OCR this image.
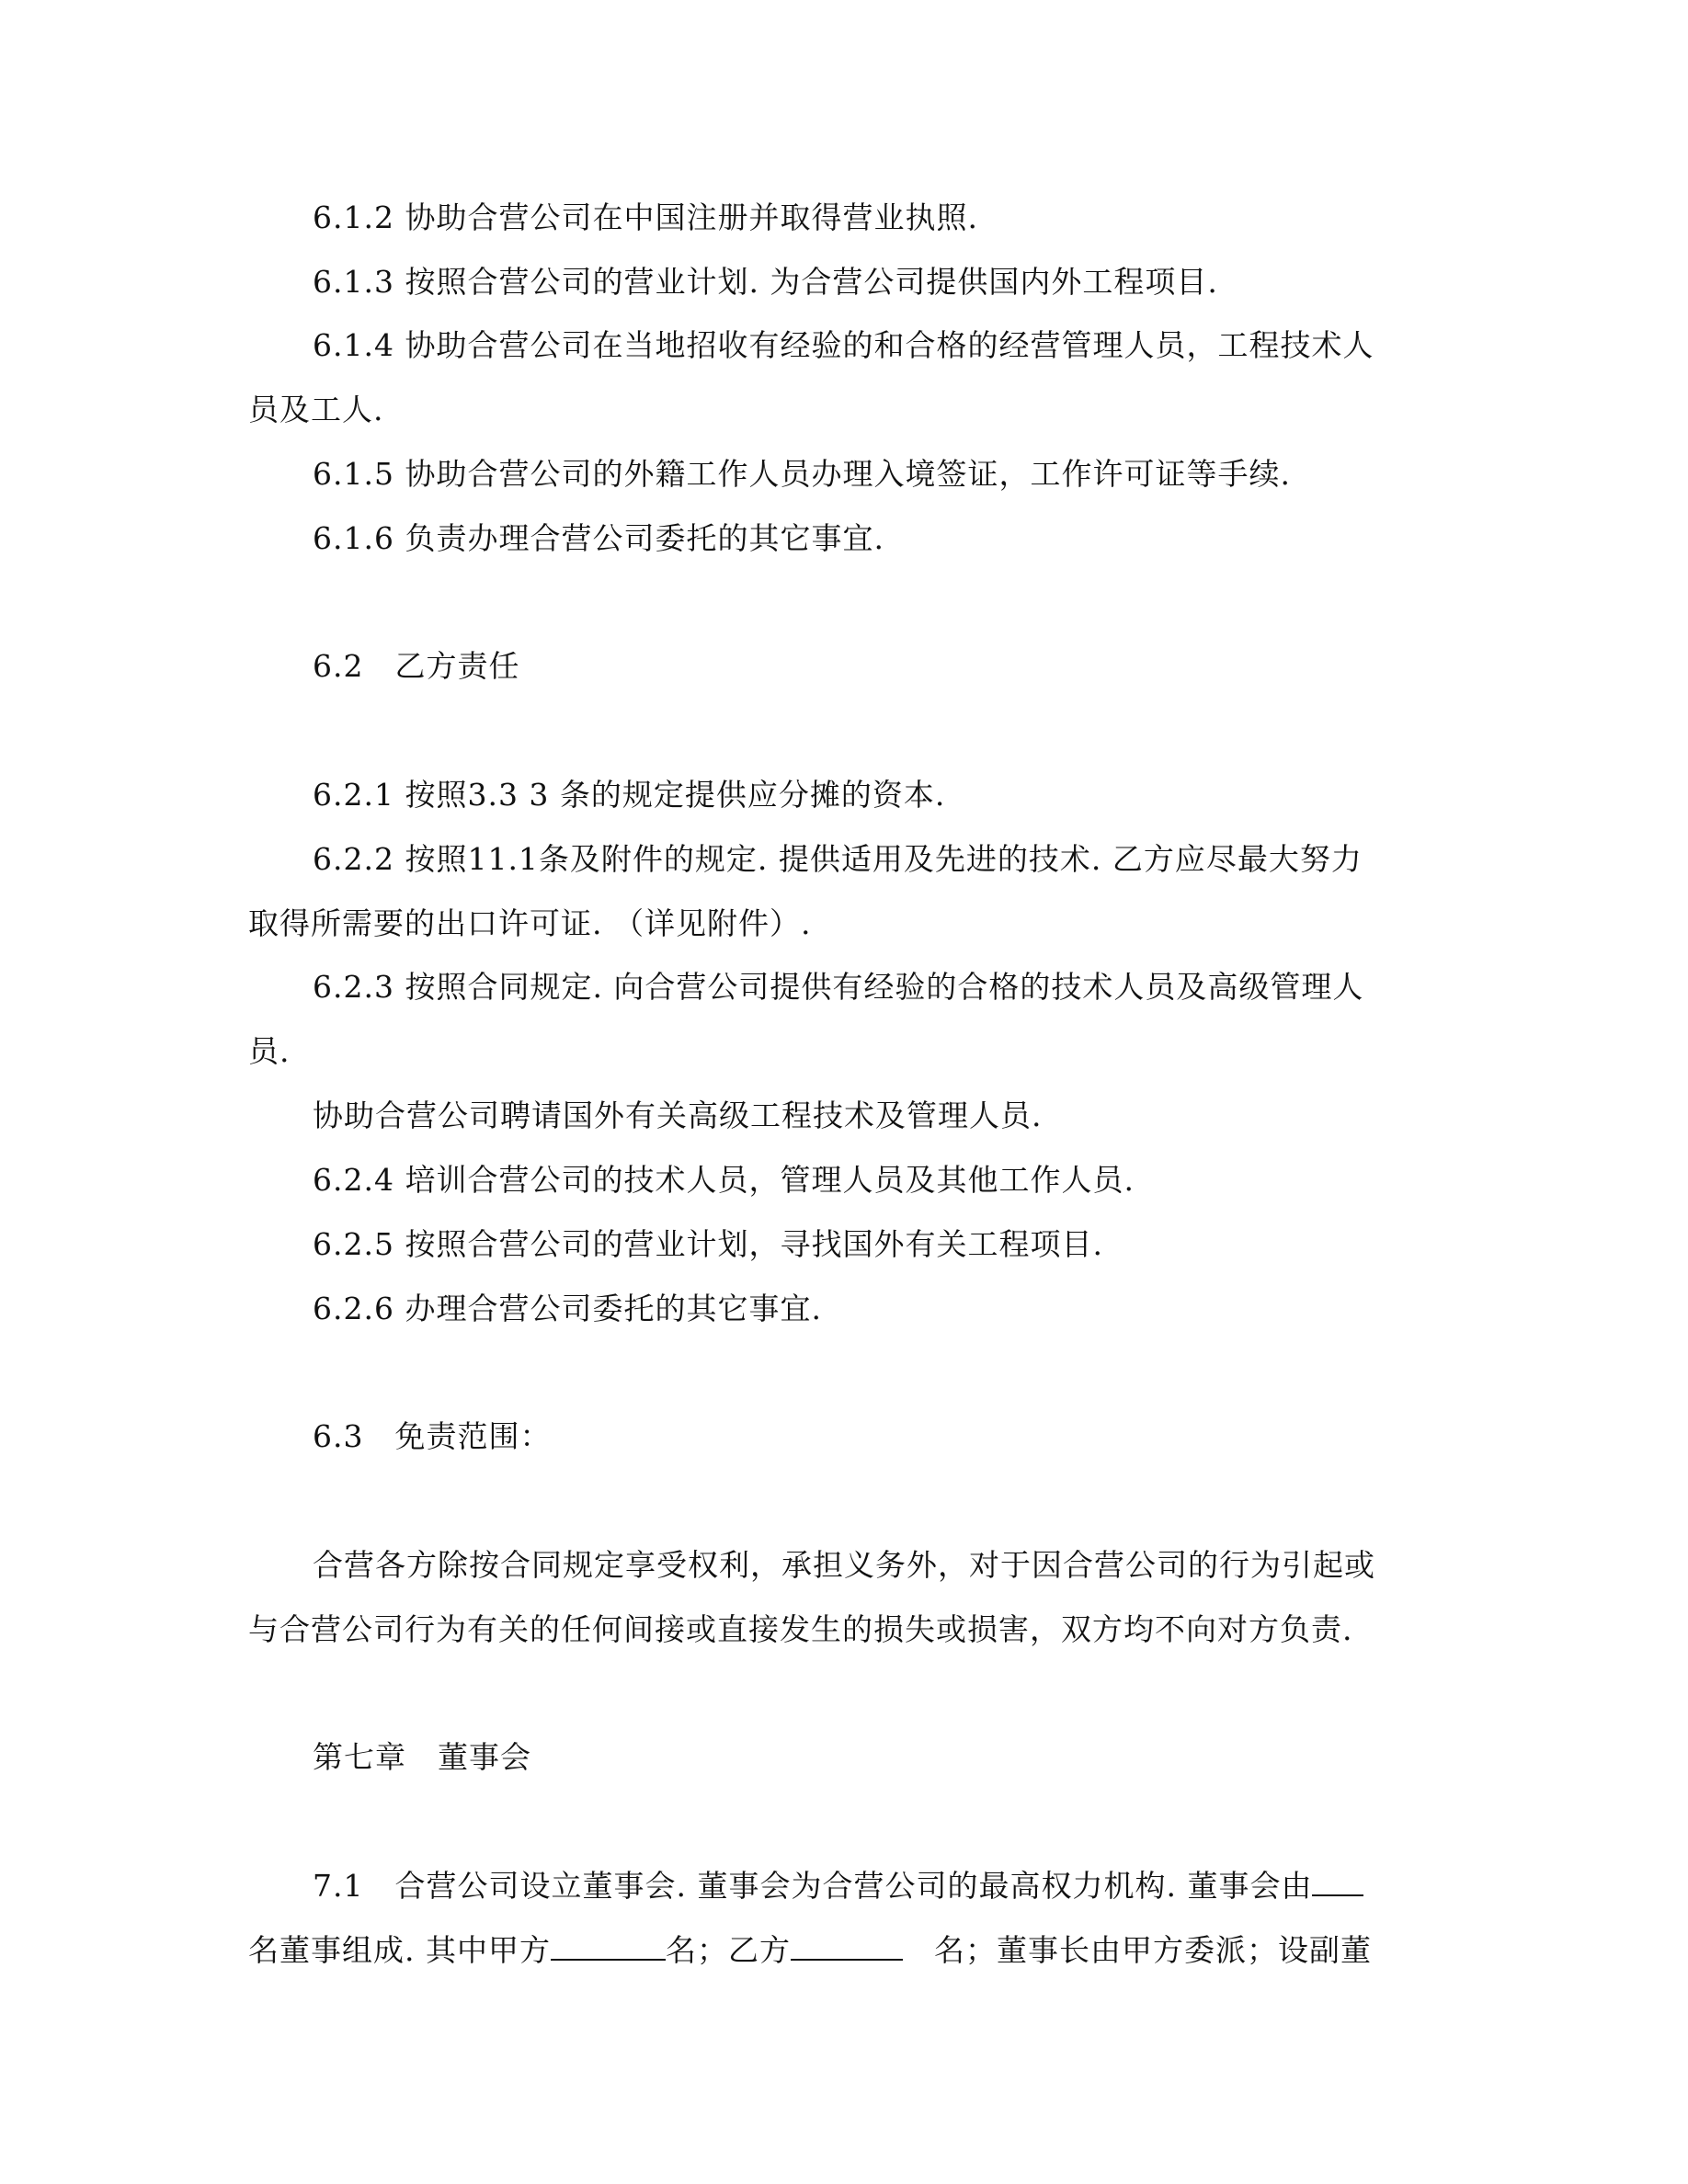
6.1.2 协助合营公司在中国注册并取得营业执照.
6.1.3 按照合营公司的营业计划. 为合营公司提供国内外工程项目.
6.1.4 协助合营公司在当地招收有经验的和合格的经营管理人员，工程技术人
员及工人.
6.1.5 协助合营公司的外籍工作人员办理入境签证，工作许可证等手续.
6.1.6 负责办理合营公司委托的其它事宜.
6.2　乙方责任
6.2.1 按照3.3 3 条的规定提供应分摊的资本.
6.2.2 按照11.1条及附件的规定. 提供适用及先进的技术. 乙方应尽最大努力
取得所需要的出口许可证. （详见附件）.
6.2.3 按照合同规定. 向合营公司提供有经验的合格的技术人员及高级管理人
员.
协助合营公司聘请国外有关高级工程技术及管理人员.
6.2.4 培训合营公司的技术人员，管理人员及其他工作人员.
6.2.5 按照合营公司的营业计划，寻找国外有关工程项目.
6.2.6 办理合营公司委托的其它事宜.
6.3　免责范围：
合营各方除按合同规定享受权利，承担义务外，对于因合营公司的行为引起或
与合营公司行为有关的任何间接或直接发生的损失或损害，双方均不向对方负责.
第七章　董事会
7.1　合营公司设立董事会. 董事会为合营公司的最高权力机构. 董事会由
名董事组成. 其中甲方	名；乙方	　名；董事长由甲方委派；设副董
